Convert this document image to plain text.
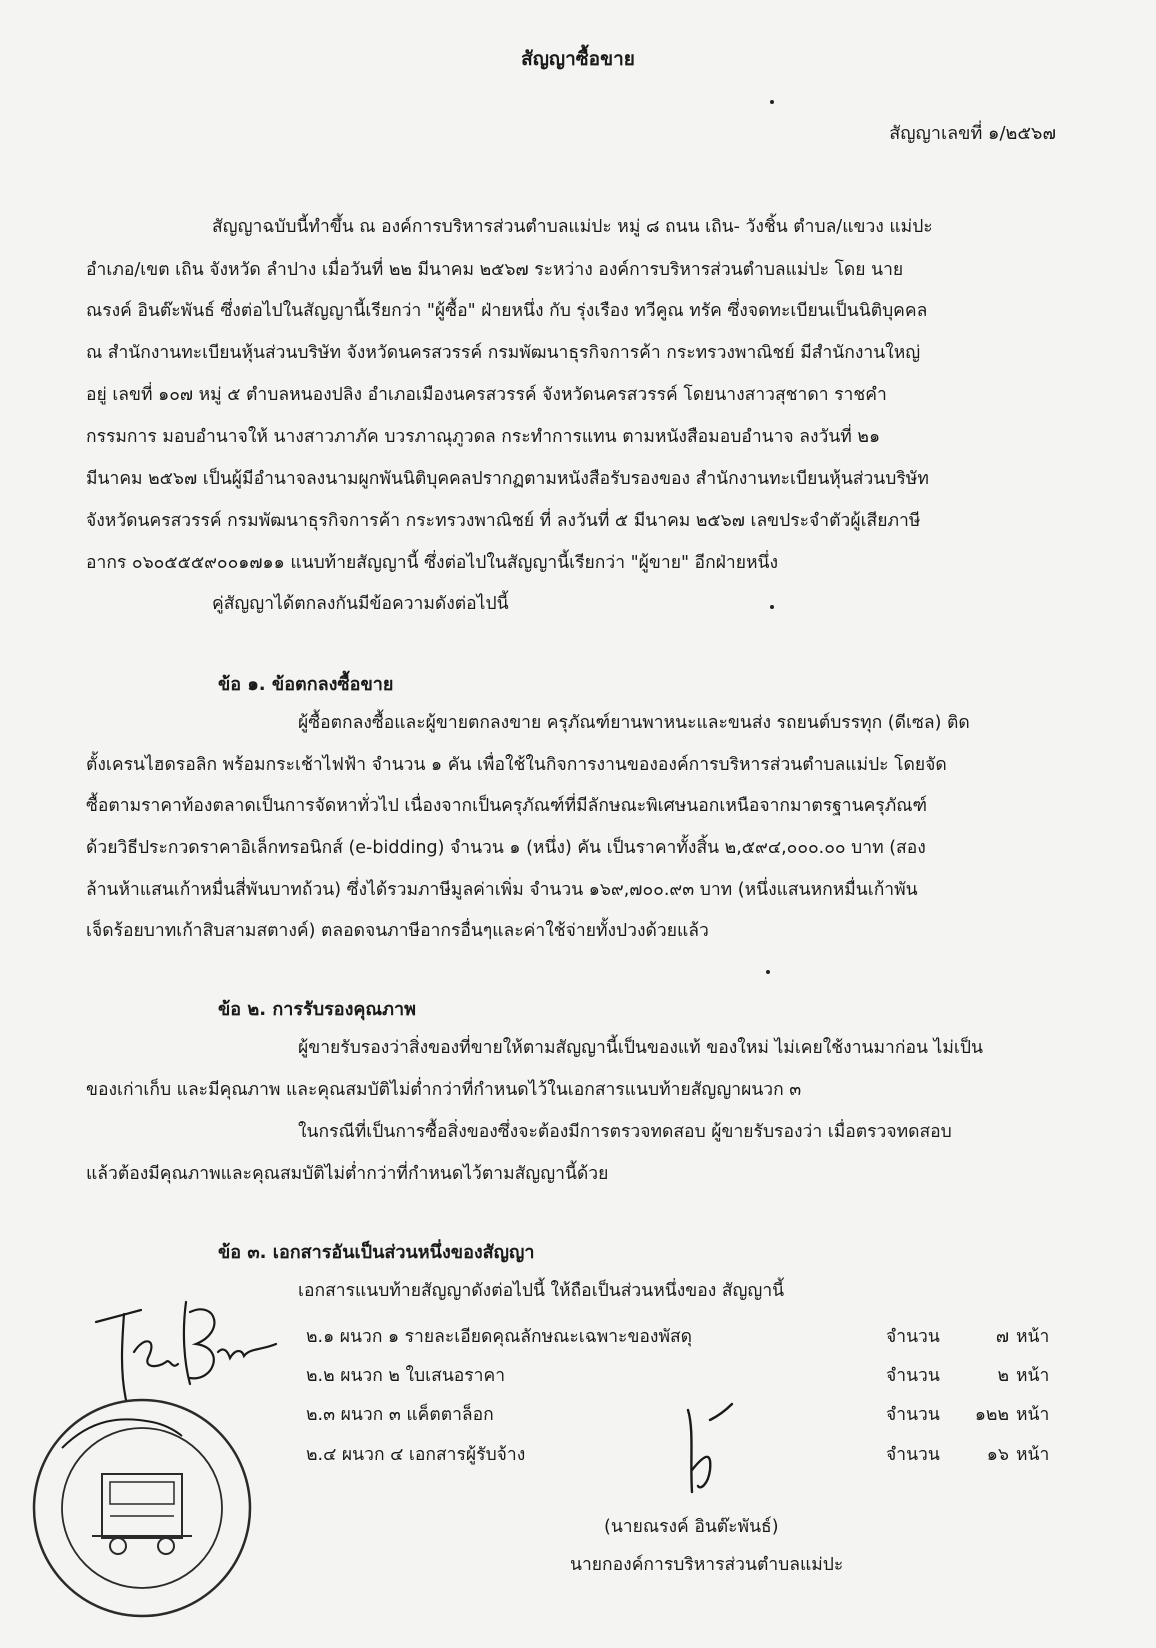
สัญญาซื้อขาย
สัญญาเลขที่ ๑/๒๕๖๗
สัญญาฉบับนี้ทำขึ้น ณ องค์การบริหารส่วนตำบลแม่ปะ หมู่ ๘ ถนน เถิน- วังชิ้น ตำบล/แขวง แม่ปะ
อำเภอ/เขต เถิน จังหวัด ลำปาง เมื่อวันที่ ๒๒ มีนาคม ๒๕๖๗ ระหว่าง องค์การบริหารส่วนตำบลแม่ปะ โดย นาย
ณรงค์ อินต๊ะพันธ์ ซึ่งต่อไปในสัญญานี้เรียกว่า "ผู้ซื้อ" ฝ่ายหนึ่ง กับ รุ่งเรือง ทวีคูณ ทรัค ซึ่งจดทะเบียนเป็นนิติบุคคล
ณ สำนักงานทะเบียนหุ้นส่วนบริษัท จังหวัดนครสวรรค์ กรมพัฒนาธุรกิจการค้า กระทรวงพาณิชย์ มีสำนักงานใหญ่
อยู่ เลขที่ ๑๐๗ หมู่ ๕ ตำบลหนองปลิง อำเภอเมืองนครสวรรค์ จังหวัดนครสวรรค์ โดยนางสาวสุชาดา ราชคำ
กรรมการ มอบอำนาจให้ นางสาวภาภัค บวรภาณุภูวดล กระทำการแทน ตามหนังสือมอบอำนาจ ลงวันที่ ๒๑
มีนาคม ๒๕๖๗ เป็นผู้มีอำนาจลงนามผูกพันนิติบุคคลปรากฏตามหนังสือรับรองของ สำนักงานทะเบียนหุ้นส่วนบริษัท
จังหวัดนครสวรรค์ กรมพัฒนาธุรกิจการค้า กระทรวงพาณิชย์ ที่ ลงวันที่ ๕ มีนาคม ๒๕๖๗ เลขประจำตัวผู้เสียภาษี
อากร ๐๖๐๕๕๕๙๐๐๑๗๑๑ แนบท้ายสัญญานี้ ซึ่งต่อไปในสัญญานี้เรียกว่า "ผู้ขาย" อีกฝ่ายหนึ่ง
คู่สัญญาได้ตกลงกันมีข้อความดังต่อไปนี้
ข้อ ๑. ข้อตกลงซื้อขาย
ผู้ซื้อตกลงซื้อและผู้ขายตกลงขาย ครุภัณฑ์ยานพาหนะและขนส่ง รถยนต์บรรทุก (ดีเซล) ติด
ตั้งเครนไฮดรอลิก พร้อมกระเช้าไฟฟ้า จำนวน ๑ คัน เพื่อใช้ในกิจการงานขององค์การบริหารส่วนตำบลแม่ปะ โดยจัด
ซื้อตามราคาท้องตลาดเป็นการจัดหาทั่วไป เนื่องจากเป็นครุภัณฑ์ที่มีลักษณะพิเศษนอกเหนือจากมาตรฐานครุภัณฑ์
ด้วยวิธีประกวดราคาอิเล็กทรอนิกส์ (e-bidding) จำนวน ๑ (หนึ่ง) คัน เป็นราคาทั้งสิ้น ๒,๕๙๔,๐๐๐.๐๐ บาท (สอง
ล้านห้าแสนเก้าหมื่นสี่พันบาทถ้วน) ซึ่งได้รวมภาษีมูลค่าเพิ่ม จำนวน ๑๖๙,๗๐๐.๙๓ บาท (หนึ่งแสนหกหมื่นเก้าพัน
เจ็ดร้อยบาทเก้าสิบสามสตางค์) ตลอดจนภาษีอากรอื่นๆและค่าใช้จ่ายทั้งปวงด้วยแล้ว
ข้อ ๒. การรับรองคุณภาพ
ผู้ขายรับรองว่าสิ่งของที่ขายให้ตามสัญญานี้เป็นของแท้ ของใหม่ ไม่เคยใช้งานมาก่อน ไม่เป็น
ของเก่าเก็บ และมีคุณภาพ และคุณสมบัติไม่ต่ำกว่าที่กำหนดไว้ในเอกสารแนบท้ายสัญญาผนวก ๓
ในกรณีที่เป็นการซื้อสิ่งของซึ่งจะต้องมีการตรวจทดสอบ ผู้ขายรับรองว่า เมื่อตรวจทดสอบ
แล้วต้องมีคุณภาพและคุณสมบัติไม่ต่ำกว่าที่กำหนดไว้ตามสัญญานี้ด้วย
ข้อ ๓. เอกสารอันเป็นส่วนหนึ่งของสัญญา
เอกสารแนบท้ายสัญญาดังต่อไปนี้ ให้ถือเป็นส่วนหนึ่งของ สัญญานี้
๒.๑ ผนวก ๑ รายละเอียดคุณลักษณะเฉพาะของพัสดุ	จำนวน	๗ หน้า
๒.๒ ผนวก ๒ ใบเสนอราคา	จำนวน	๒ หน้า
๒.๓ ผนวก ๓ แค็ตตาล็อก	จำนวน	๑๒๒ หน้า
๒.๔ ผนวก ๔ เอกสารผู้รับจ้าง	จำนวน	๑๖ หน้า
(นายณรงค์ อินต๊ะพันธ์)
นายกองค์การบริหารส่วนตำบลแม่ปะ
